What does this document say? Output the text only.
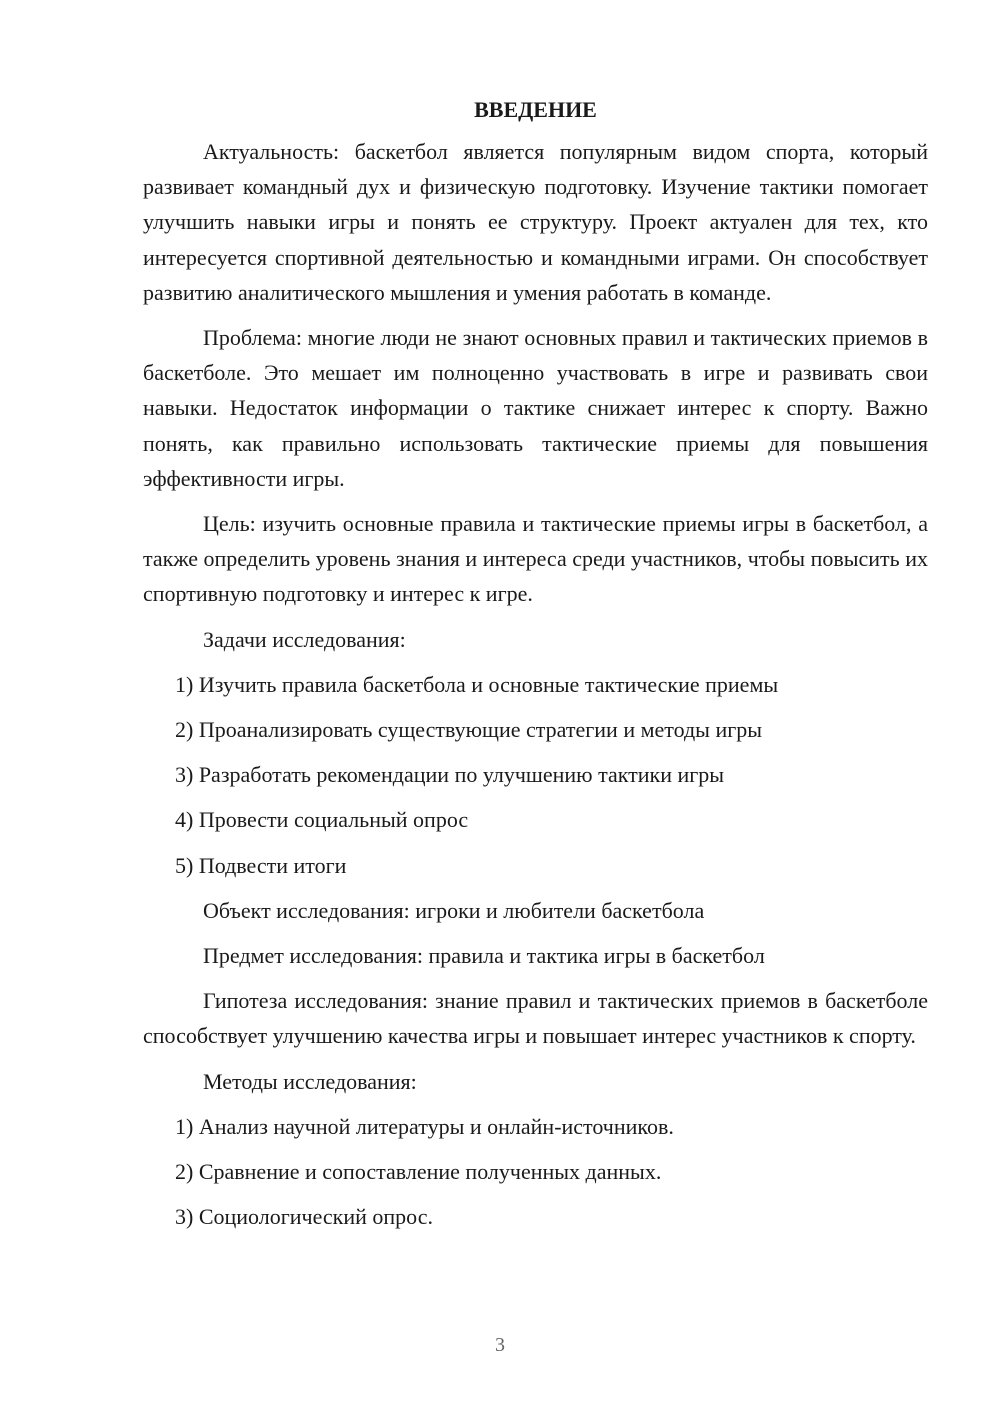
ВВЕДЕНИЕ

Актуальность: баскетбол является популярным видом спорта, который развивает командный дух и физическую подготовку. Изучение тактики помогает улучшить навыки игры и понять ее структуру. Проект актуален для тех, кто интересуется спортивной деятельностью и командными играми. Он способствует развитию аналитического мышления и умения работать в команде.

Проблема: многие люди не знают основных правил и тактических приемов в баскетболе. Это мешает им полноценно участвовать в игре и развивать свои навыки. Недостаток информации о тактике снижает интерес к спорту. Важно понять, как правильно использовать тактические приемы для повышения эффективности игры.

Цель: изучить основные правила и тактические приемы игры в баскетбол, а также определить уровень знания и интереса среди участников, чтобы повысить их спортивную подготовку и интерес к игре.

Задачи исследования:
1) Изучить правила баскетбола и основные тактические приемы
2) Проанализировать существующие стратегии и методы игры
3) Разработать рекомендации по улучшению тактики игры
4) Провести социальный опрос
5) Подвести итоги
Объект исследования: игроки и любители баскетбола
Предмет исследования: правила и тактика игры в баскетбол

Гипотеза исследования: знание правил и тактических приемов в баскетболе способствует улучшению качества игры и повышает интерес участников к спорту.

Методы исследования:
1) Анализ научной литературы и онлайн-источников.
2) Сравнение и сопоставление полученных данных.
3) Социологический опрос.
3
